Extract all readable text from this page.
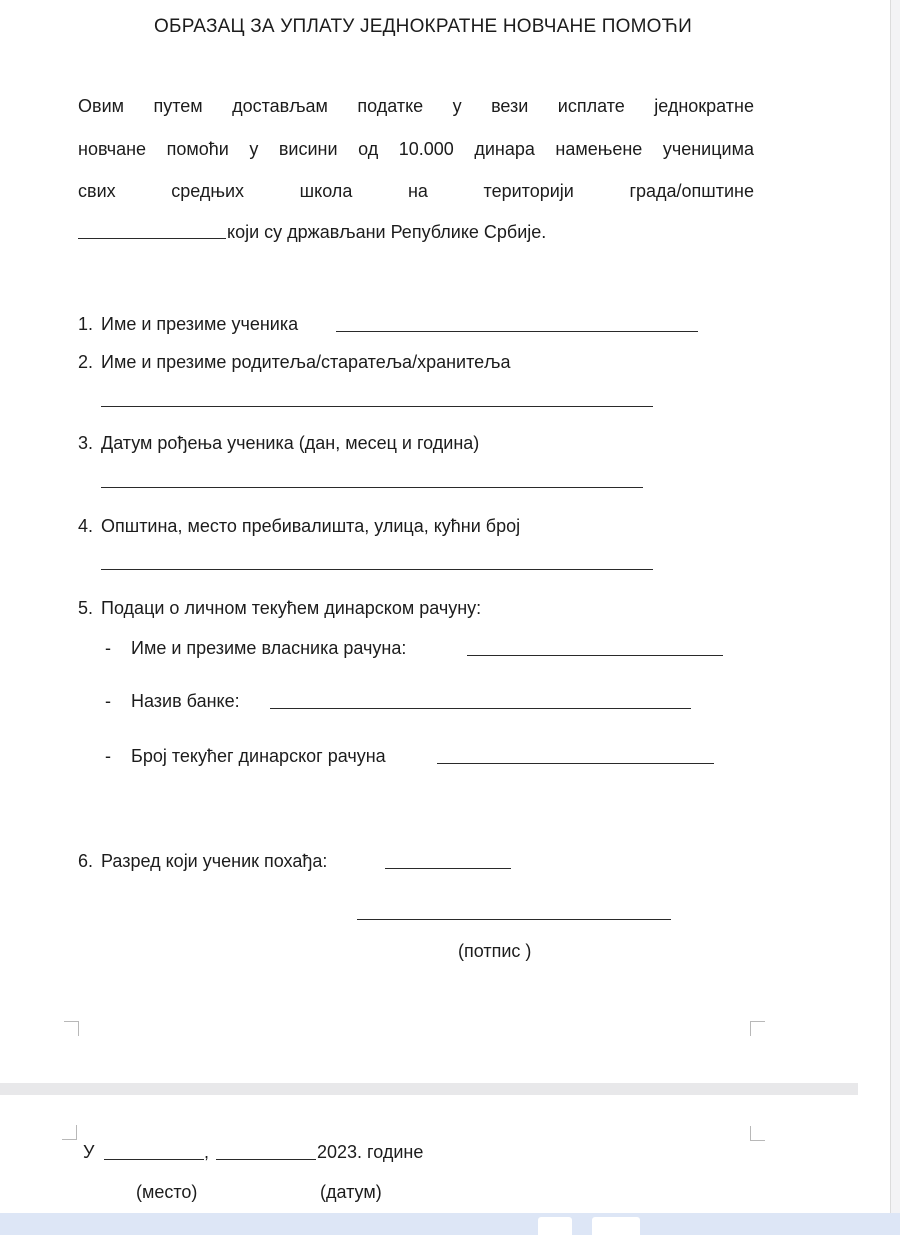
ОБРАЗАЦ ЗА УПЛАТУ ЈЕДНОКРАТНЕ НОВЧАНЕ ПОМОЋИ
Овим путем достављам податке у вези исплате једнократне
новчане помоћи у висини од 10.000 динара намењене ученицима
свих средњих школа на територији града/општине
који су држављани Републике Србије.
1. Име и презиме ученика
2. Име и презиме родитеља/старатеља/хранитеља
3. Датум рођења ученика (дан, месец и година)
4. Општина, место пребивалишта, улица, кућни број
5. Подаци о личном текућем динарском рачуну:
- Име и презиме власника рачуна:
- Назив банке:
- Број текућег динарског рачуна
6. Разред који ученик похађа:
(потпис )
У	,	2023. године
(место)	(датум)
